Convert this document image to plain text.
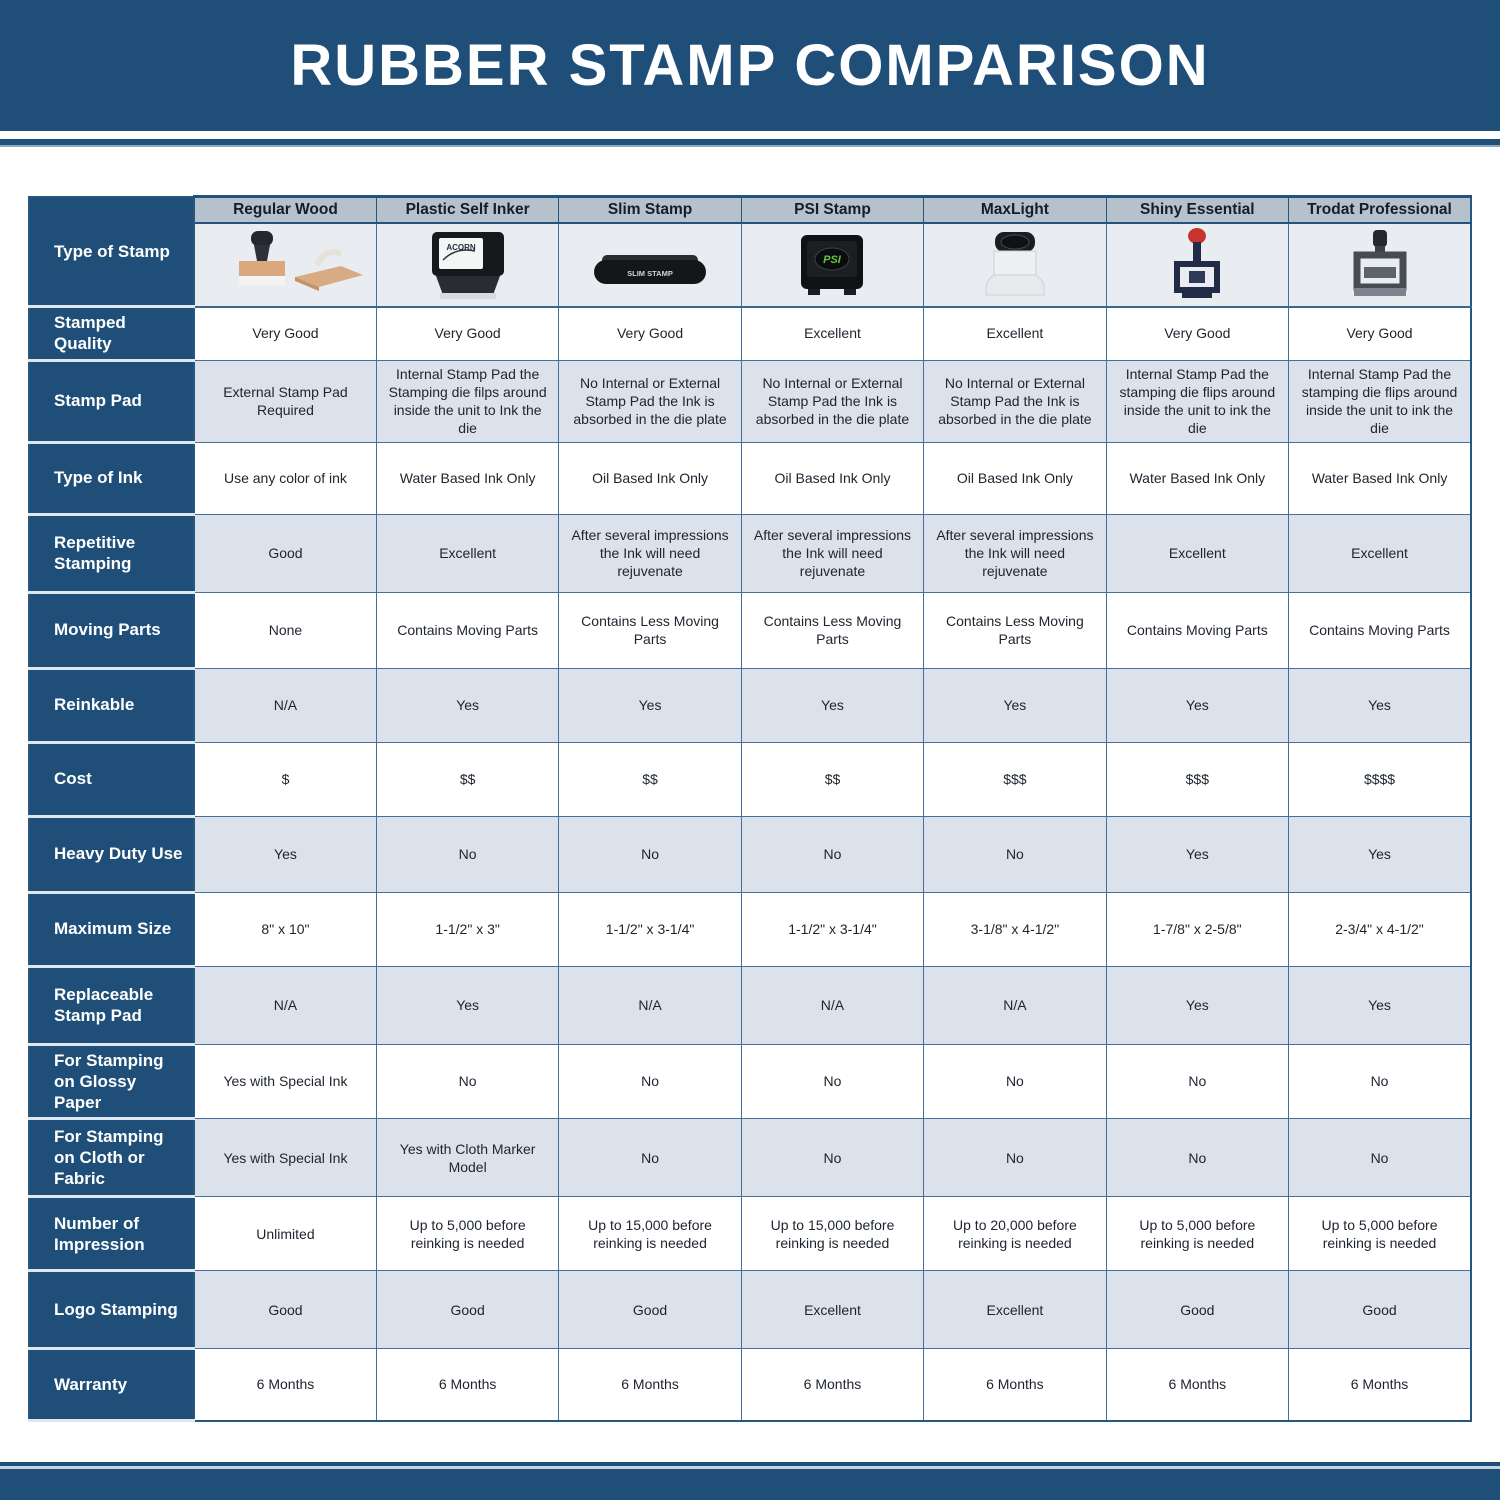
RUBBER STAMP COMPARISON
Type of Stamp	Regular Wood	Plastic Self Inker	Slim Stamp	PSI Stamp	MaxLight	Shiny Essential	Trodat Professional

ACORN	SLIM STAMP	PSI

Stamped Quality	Very Good	Very Good	Very Good	Excellent	Excellent	Very Good	Very Good
Stamp Pad	External Stamp Pad Required	Internal Stamp Pad the Stamping die filps around inside the unit to Ink the die	No Internal or External Stamp Pad the Ink is absorbed in the die plate	No Internal or External Stamp Pad the Ink is absorbed in the die plate	No Internal or External Stamp Pad the Ink is absorbed in the die plate	Internal Stamp Pad the stamping die flips around inside the unit to ink the die	Internal Stamp Pad the stamping die flips around inside the unit to ink the die
Type of Ink	Use any color of ink	Water Based Ink Only	Oil Based Ink Only	Oil Based Ink Only	Oil Based Ink Only	Water Based Ink Only	Water Based Ink Only
Repetitive Stamping	Good	Excellent	After several impressions the Ink will need rejuvenate	After several impressions the Ink will need rejuvenate	After several impressions the Ink will need rejuvenate	Excellent	Excellent
Moving Parts	None	Contains Moving Parts	Contains Less Moving Parts	Contains Less Moving Parts	Contains Less Moving Parts	Contains Moving Parts	Contains Moving Parts
Reinkable	N/A	Yes	Yes	Yes	Yes	Yes	Yes
Cost	$	$$	$$	$$	$$$	$$$	$$$$
Heavy Duty Use	Yes	No	No	No	No	Yes	Yes
Maximum Size	8" x 10"	1-1/2" x 3"	1-1/2" x 3-1/4"	1-1/2" x 3-1/4"	3-1/8" x 4-1/2"	1-7/8" x 2-5/8"	2-3/4" x 4-1/2"
Replaceable Stamp Pad	N/A	Yes	N/A	N/A	N/A	Yes	Yes
For Stamping on Glossy Paper	Yes with Special Ink	No	No	No	No	No	No
For Stamping on Cloth or Fabric	Yes with Special Ink	Yes with Cloth Marker Model	No	No	No	No	No
Number of Impression	Unlimited	Up to 5,000 before reinking is needed	Up to 15,000 before reinking is needed	Up to 15,000 before reinking is needed	Up to 20,000 before reinking is needed	Up to 5,000 before reinking is needed	Up to 5,000 before reinking is needed
Logo Stamping	Good	Good	Good	Excellent	Excellent	Good	Good
Warranty	6 Months	6 Months	6 Months	6 Months	6 Months	6 Months	6 Months
